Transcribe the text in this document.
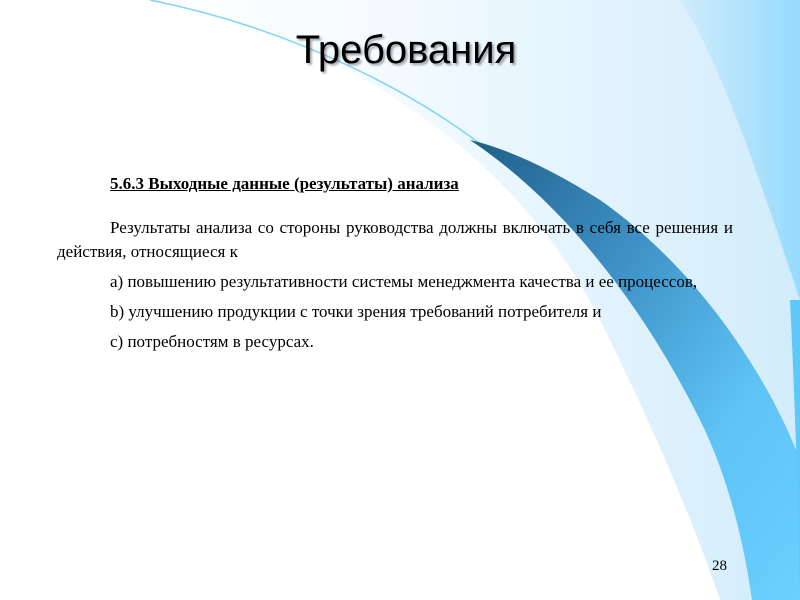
Требования

5.6.3 Выходные данные (результаты) анализа

Результаты анализа со стороны руководства должны включать в себя все решения и действия, относящиеся к

a) повышению результативности системы менеджмента качества и ее процессов,

b) улучшению продукции с точки зрения требований потребителя и

c) потребностям в ресурсах.

28
